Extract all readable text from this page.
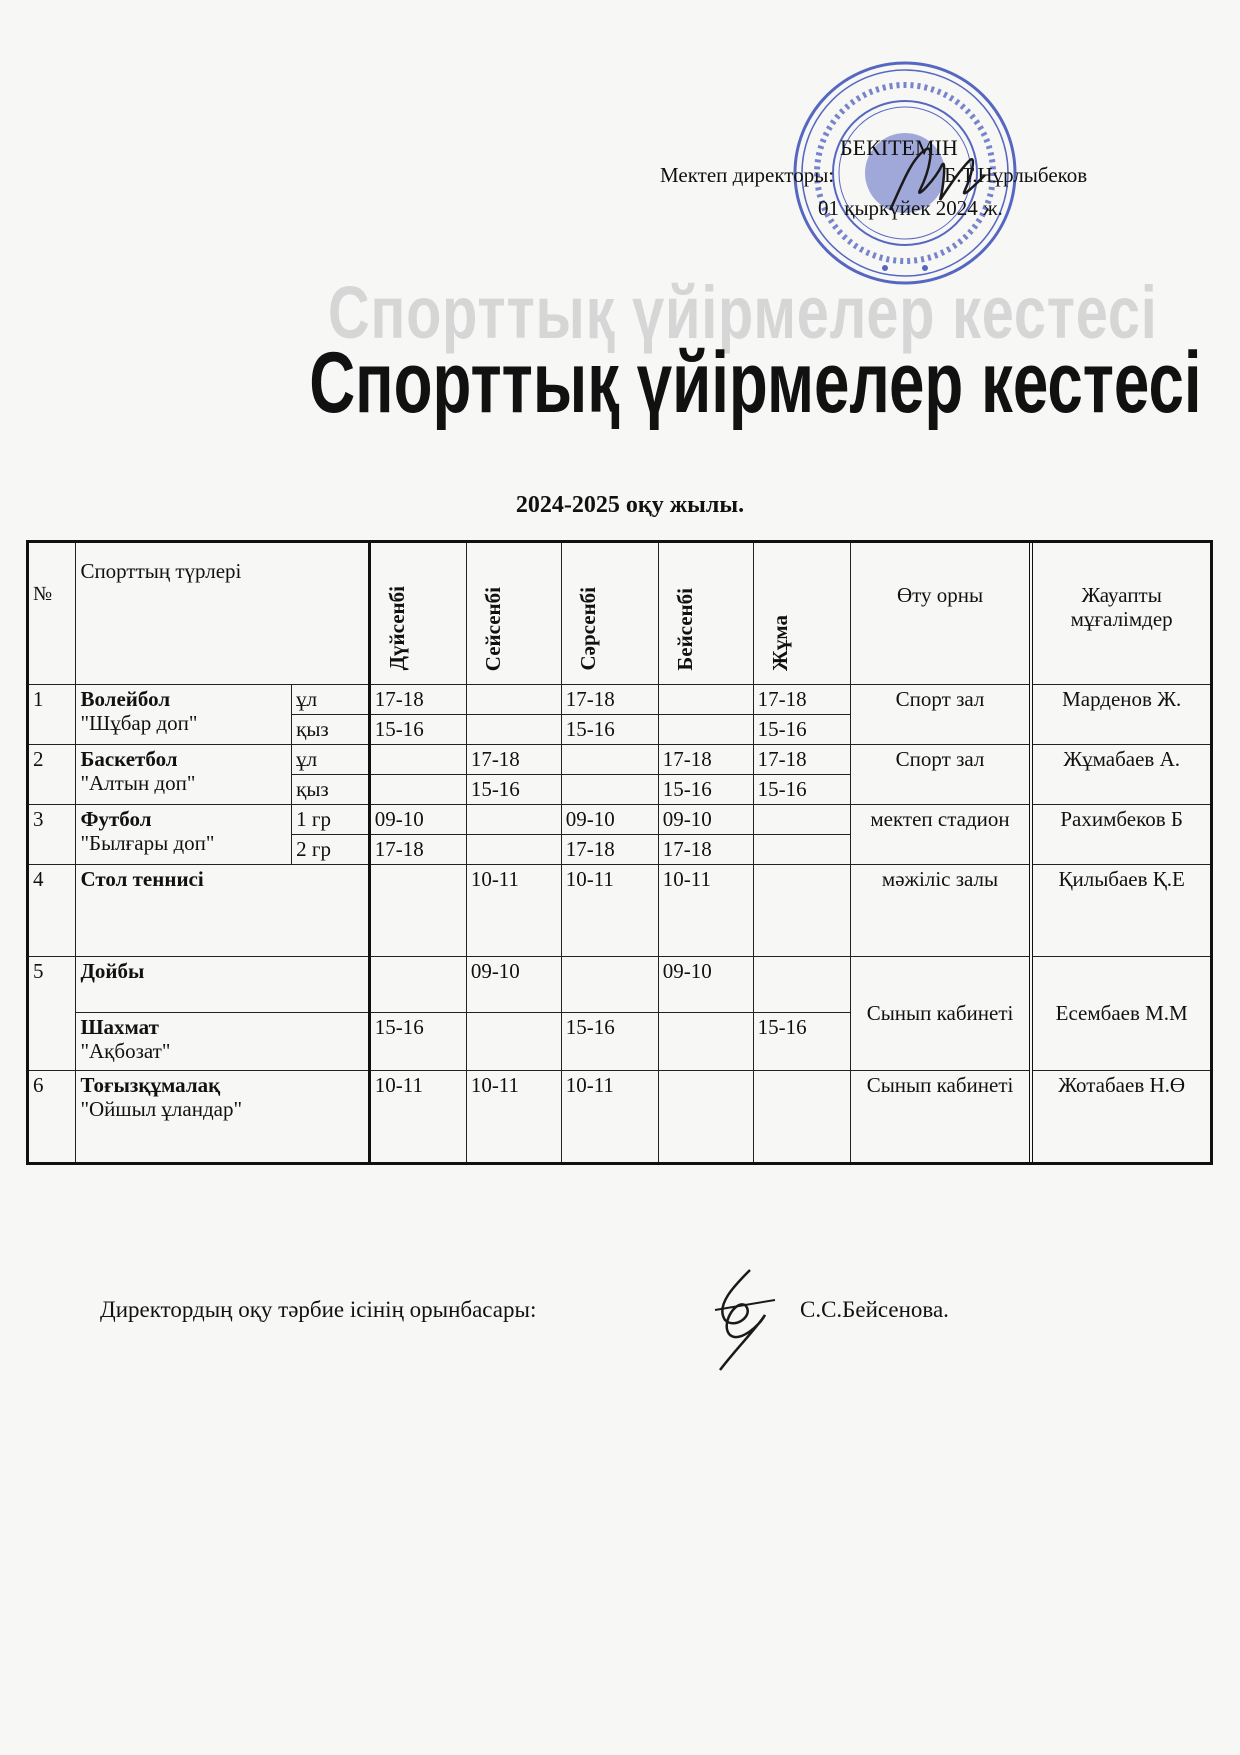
БЕКІТЕМІН
Мектеп директоры:	Б.Т.Нұрлыбеков
01 қыркүйек 2024 ж.
Спорттық үйірмелер кестесі
Спорттық үйірмелер кестесі
2024-2025 оқу жылы.
№	Спорттың түрлері		Дүйсенбі	Сейсенбі	Сәрсенбі	Бейсенбі	Жұма	Өту орны	Жауапты мұғалімдер
1	Волейбол
"Шұбар доп"	ұл	17-18		17-18		17-18	Спорт зал	Марденов Ж.
		қыз	15-16		15-16		15-16		
2	Баскетбол
"Алтын доп"	ұл		17-18		17-18	17-18	Спорт зал	Жұмабаев А.
		қыз		15-16		15-16	15-16		
3	Футбол
"Былғары доп"	1 гр	09-10		09-10	09-10		мектеп стадион	Рахимбеков Б
		2 гр	17-18		17-18	17-18			
4	Стол теннисі			10-11	10-11	10-11		мәжіліс залы	Қилыбаев Қ.Е
5	Дойбы			09-10		09-10		Сынып кабинеті	Есембаев М.М

	Шахмат
"Ақбозат"		15-16		15-16		15-16		
6	Тоғызқұмалақ
"Ойшыл ұландар"		10-11	10-11	10-11			Сынып кабинеті	Жотабаев Н.Ө
Директордың оқу тәрбие ісінің орынбасары:	С.С.Бейсенова.
